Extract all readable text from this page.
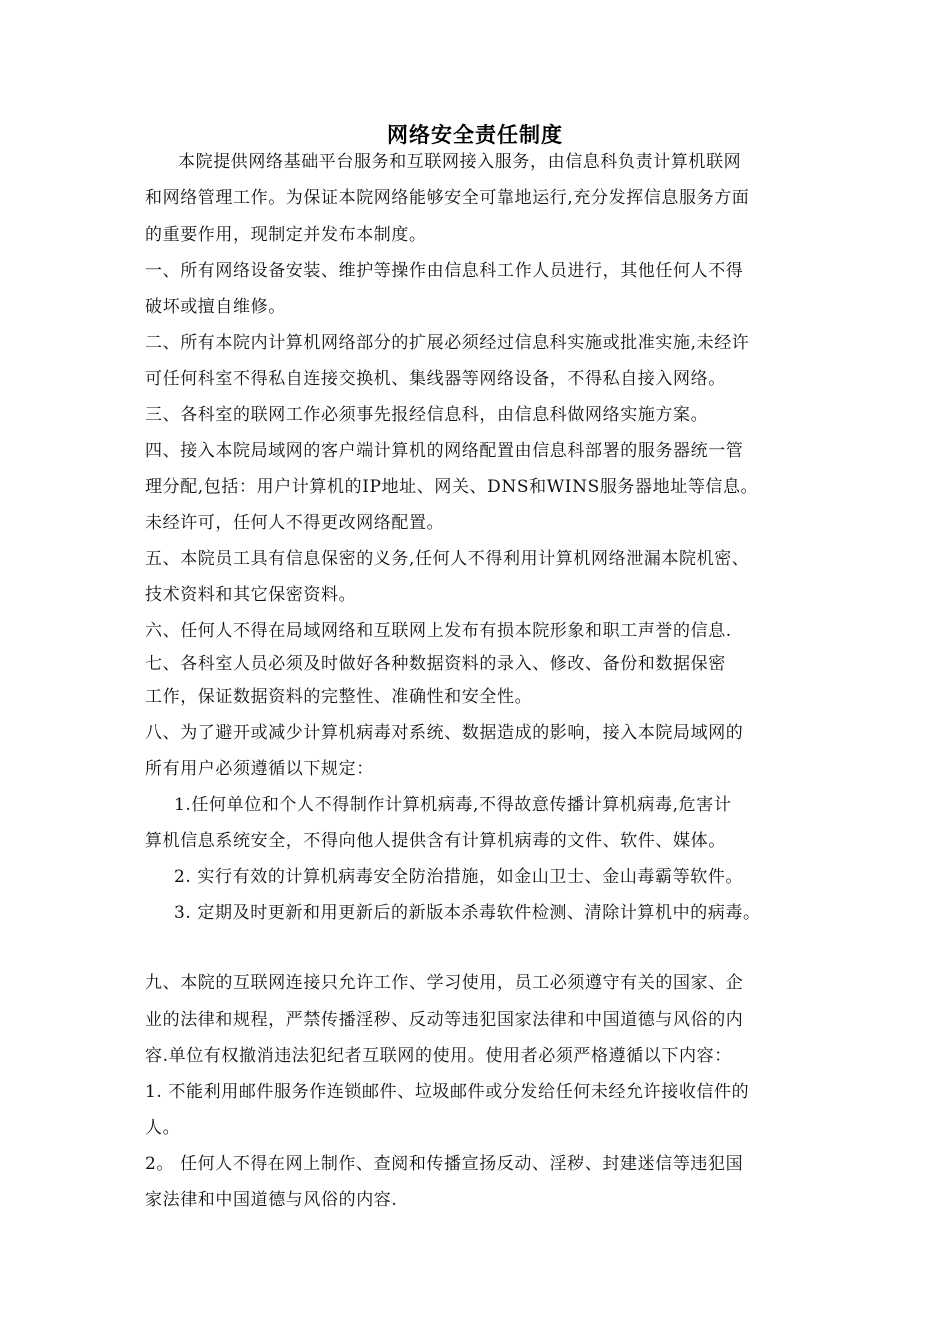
网络安全责任制度
本院提供网络基础平台服务和互联网接入服务，由信息科负责计算机联网
和网络管理工作。为保证本院网络能够安全可靠地运行,充分发挥信息服务方面
的重要作用，现制定并发布本制度。
一、所有网络设备安装、维护等操作由信息科工作人员进行，其他任何人不得
破坏或擅自维修。
二、所有本院内计算机网络部分的扩展必须经过信息科实施或批准实施,未经许
可任何科室不得私自连接交换机、集线器等网络设备，不得私自接入网络。
三、各科室的联网工作必须事先报经信息科，由信息科做网络实施方案。
四、接入本院局域网的客户端计算机的网络配置由信息科部署的服务器统一管
理分配,包括：用户计算机的IP地址、网关、DNS和WINS服务器地址等信息。
未经许可，任何人不得更改网络配置。
五、本院员工具有信息保密的义务,任何人不得利用计算机网络泄漏本院机密、
技术资料和其它保密资料。
六、任何人不得在局域网络和互联网上发布有损本院形象和职工声誉的信息.
七、各科室人员必须及时做好各种数据资料的录入、修改、备份和数据保密
工作，保证数据资料的完整性、准确性和安全性。
八、为了避开或减少计算机病毒对系统、数据造成的影响，接入本院局域网的
所有用户必须遵循以下规定：
1.任何单位和个人不得制作计算机病毒,不得故意传播计算机病毒,危害计
算机信息系统安全，不得向他人提供含有计算机病毒的文件、软件、媒体。
2. 实行有效的计算机病毒安全防治措施，如金山卫士、金山毒霸等软件。
3. 定期及时更新和用更新后的新版本杀毒软件检测、清除计算机中的病毒。
九、本院的互联网连接只允许工作、学习使用，员工必须遵守有关的国家、企
业的法律和规程，严禁传播淫秽、反动等违犯国家法律和中国道德与风俗的内
容.单位有权撤消违法犯纪者互联网的使用。使用者必须严格遵循以下内容：
1. 不能利用邮件服务作连锁邮件、垃圾邮件或分发给任何未经允许接收信件的
人。
2。 任何人不得在网上制作、查阅和传播宣扬反动、淫秽、封建迷信等违犯国
家法律和中国道德与风俗的内容.
